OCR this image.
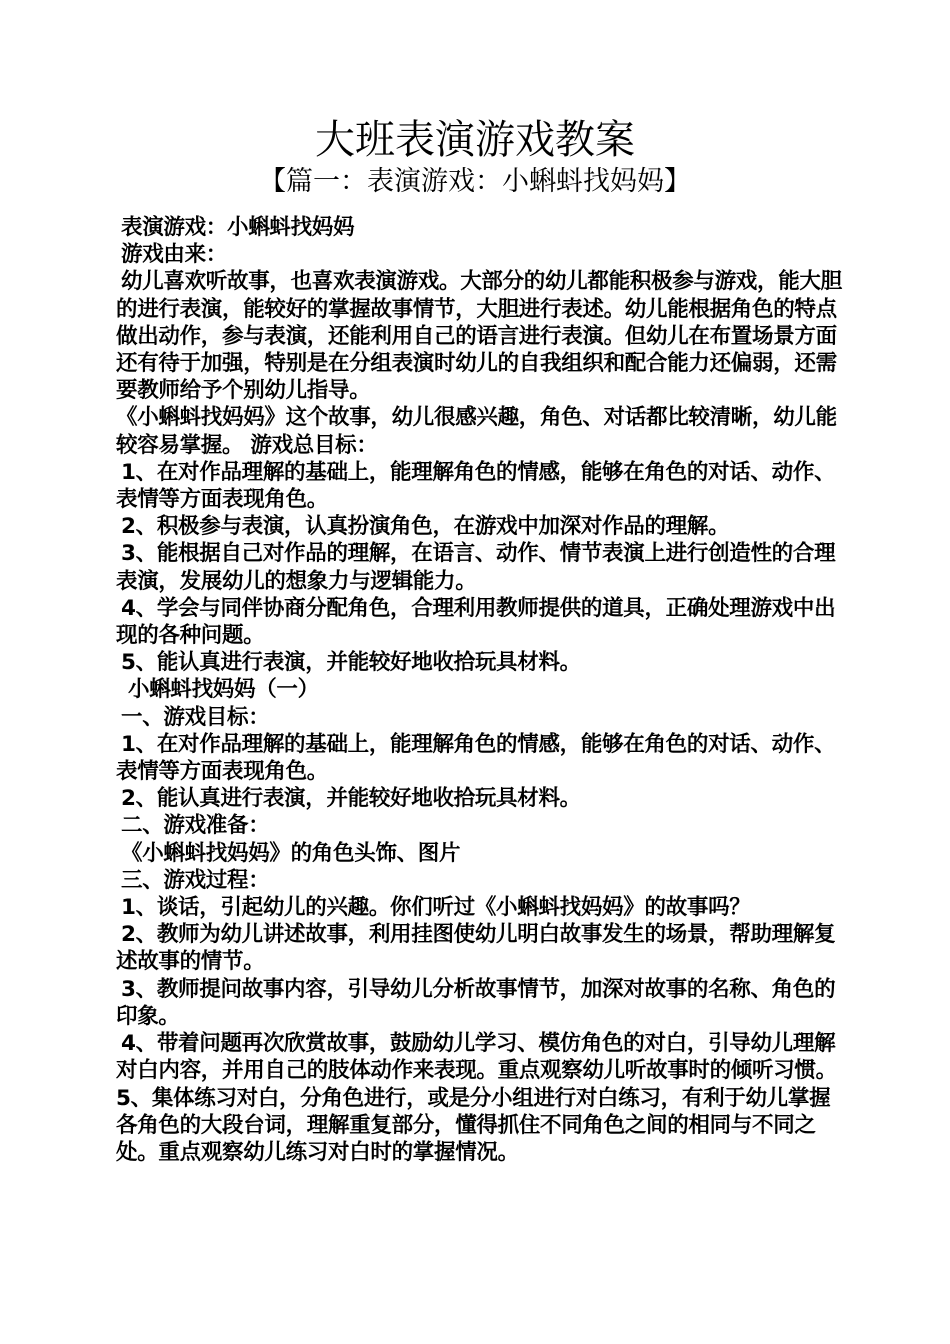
大班表演游戏教案
【篇一：表演游戏：小蝌蚪找妈妈】

表演游戏：小蝌蚪找妈妈

游戏由来：

幼儿喜欢听故事，也喜欢表演游戏。大部分的幼儿都能积极参与游戏，能大胆的进行表演，能较好的掌握故事情节，大胆进行表述。幼儿能根据角色的特点做出动作，参与表演，还能利用自己的语言进行表演。但幼儿在布置场景方面还有待于加强，特别是在分组表演时幼儿的自我组织和配合能力还偏弱，还需要教师给予个别幼儿指导。

《小蝌蚪找妈妈》这个故事，幼儿很感兴趣，角色、对话都比较清晰，幼儿能较容易掌握。 游戏总目标：

1、在对作品理解的基础上，能理解角色的情感，能够在角色的对话、动作、表情等方面表现角色。

2、积极参与表演，认真扮演角色，在游戏中加深对作品的理解。

3、能根据自己对作品的理解，在语言、动作、情节表演上进行创造性的合理表演，发展幼儿的想象力与逻辑能力。

4、学会与同伴协商分配角色，合理利用教师提供的道具，正确处理游戏中出现的各种问题。

5、能认真进行表演，并能较好地收拾玩具材料。

小蝌蚪找妈妈（一）

一、游戏目标：

1、在对作品理解的基础上，能理解角色的情感，能够在角色的对话、动作、表情等方面表现角色。

2、能认真进行表演，并能较好地收拾玩具材料。

二、游戏准备：

《小蝌蚪找妈妈》的角色头饰、图片

三、游戏过程：

1、谈话，引起幼儿的兴趣。你们听过《小蝌蚪找妈妈》的故事吗？

2、教师为幼儿讲述故事，利用挂图使幼儿明白故事发生的场景，帮助理解复述故事的情节。

3、教师提问故事内容，引导幼儿分析故事情节，加深对故事的名称、角色的印象。

4、带着问题再次欣赏故事，鼓励幼儿学习、模仿角色的对白，引导幼儿理解对白内容，并用自己的肢体动作来表现。重点观察幼儿听故事时的倾听习惯。

5、集体练习对白，分角色进行，或是分小组进行对白练习，有利于幼儿掌握各角色的大段台词，理解重复部分，懂得抓住不同角色之间的相同与不同之处。重点观察幼儿练习对白时的掌握情况。
